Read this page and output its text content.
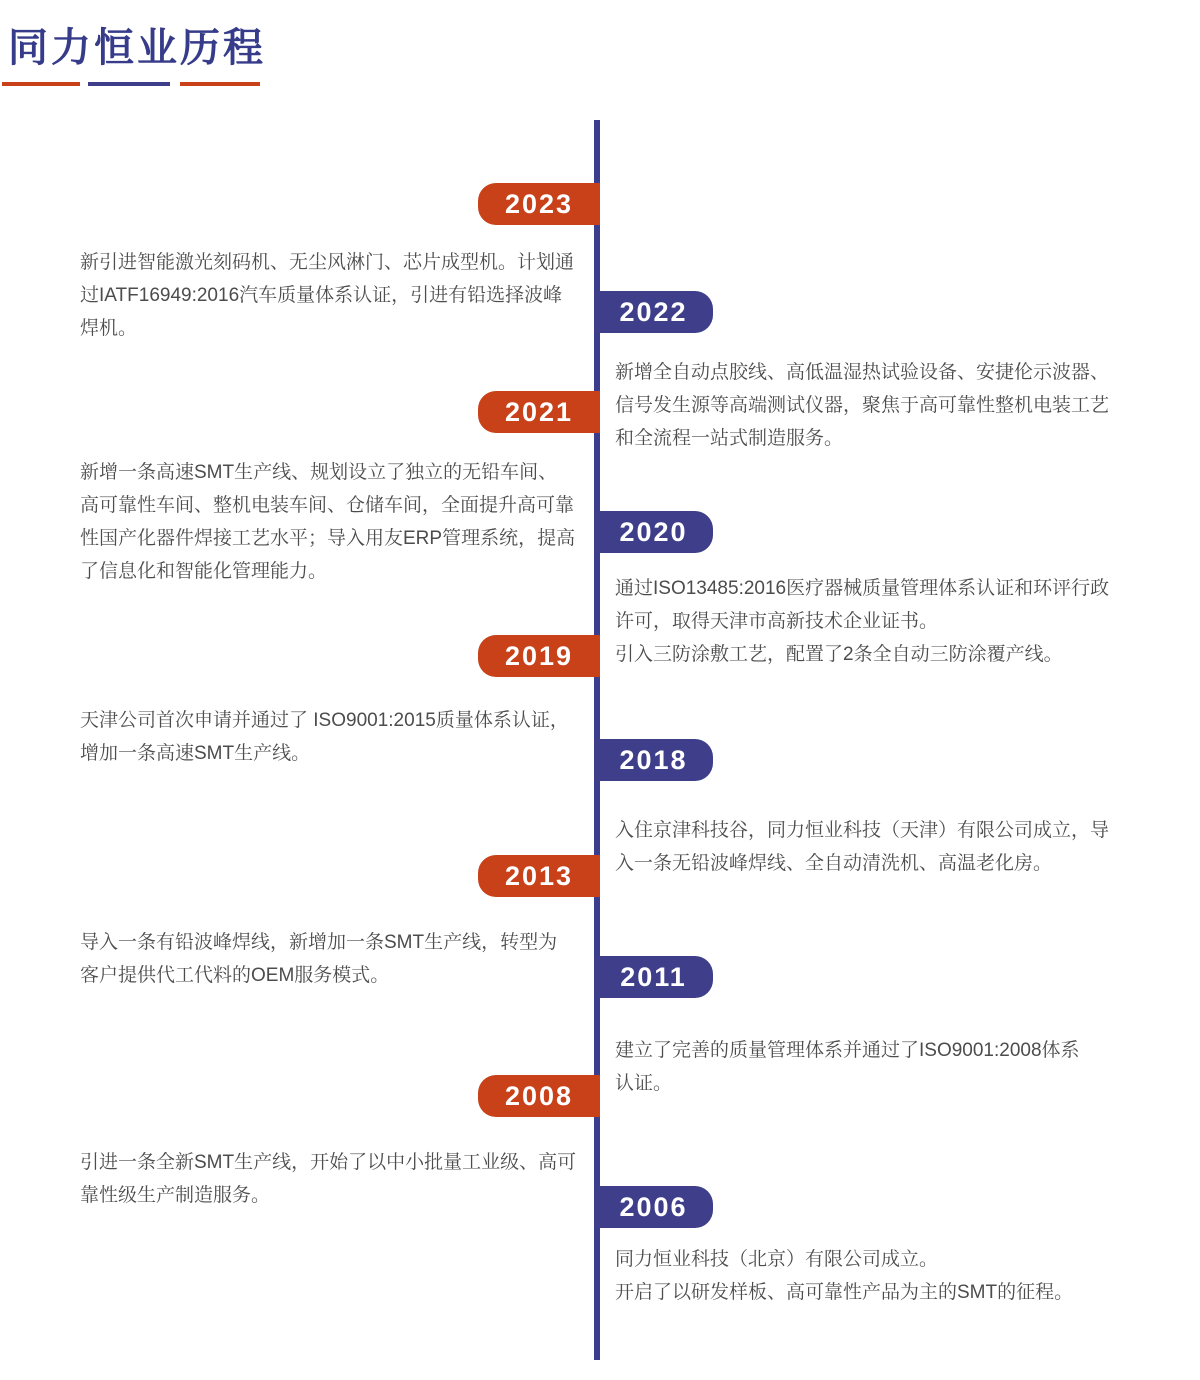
同力恒业历程
2023
新引进智能激光刻码机、无尘风淋门、芯片成型机。计划通
过IATF16949:2016汽车质量体系认证，引进有铅选择波峰
焊机。
2022
新增全自动点胶线、高低温湿热试验设备、安捷伦示波器、
信号发生源等高端测试仪器，聚焦于高可靠性整机电装工艺
和全流程一站式制造服务。
2021
新增一条高速SMT生产线、规划设立了独立的无铅车间、
高可靠性车间、整机电装车间、仓储车间，全面提升高可靠
性国产化器件焊接工艺水平；导入用友ERP管理系统，提高
了信息化和智能化管理能力。
2020
通过ISO13485:2016医疗器械质量管理体系认证和环评行政
许可，取得天津市高新技术企业证书。
引入三防涂敷工艺，配置了2条全自动三防涂覆产线。
2019
天津公司首次申请并通过了 ISO9001:2015质量体系认证，
增加一条高速SMT生产线。	2018
入住京津科技谷，同力恒业科技（天津）有限公司成立，导
入一条无铅波峰焊线、全自动清洗机、高温老化房。
2013
导入一条有铅波峰焊线，新增加一条SMT生产线，转型为
客户提供代工代料的OEM服务模式。	2011
建立了完善的质量管理体系并通过了ISO9001:2008体系
认证。
2008
引进一条全新SMT生产线，开始了以中小批量工业级、高可
靠性级生产制造服务。	2006
同力恒业科技（北京）有限公司成立。
开启了以研发样板、高可靠性产品为主的SMT的征程。
